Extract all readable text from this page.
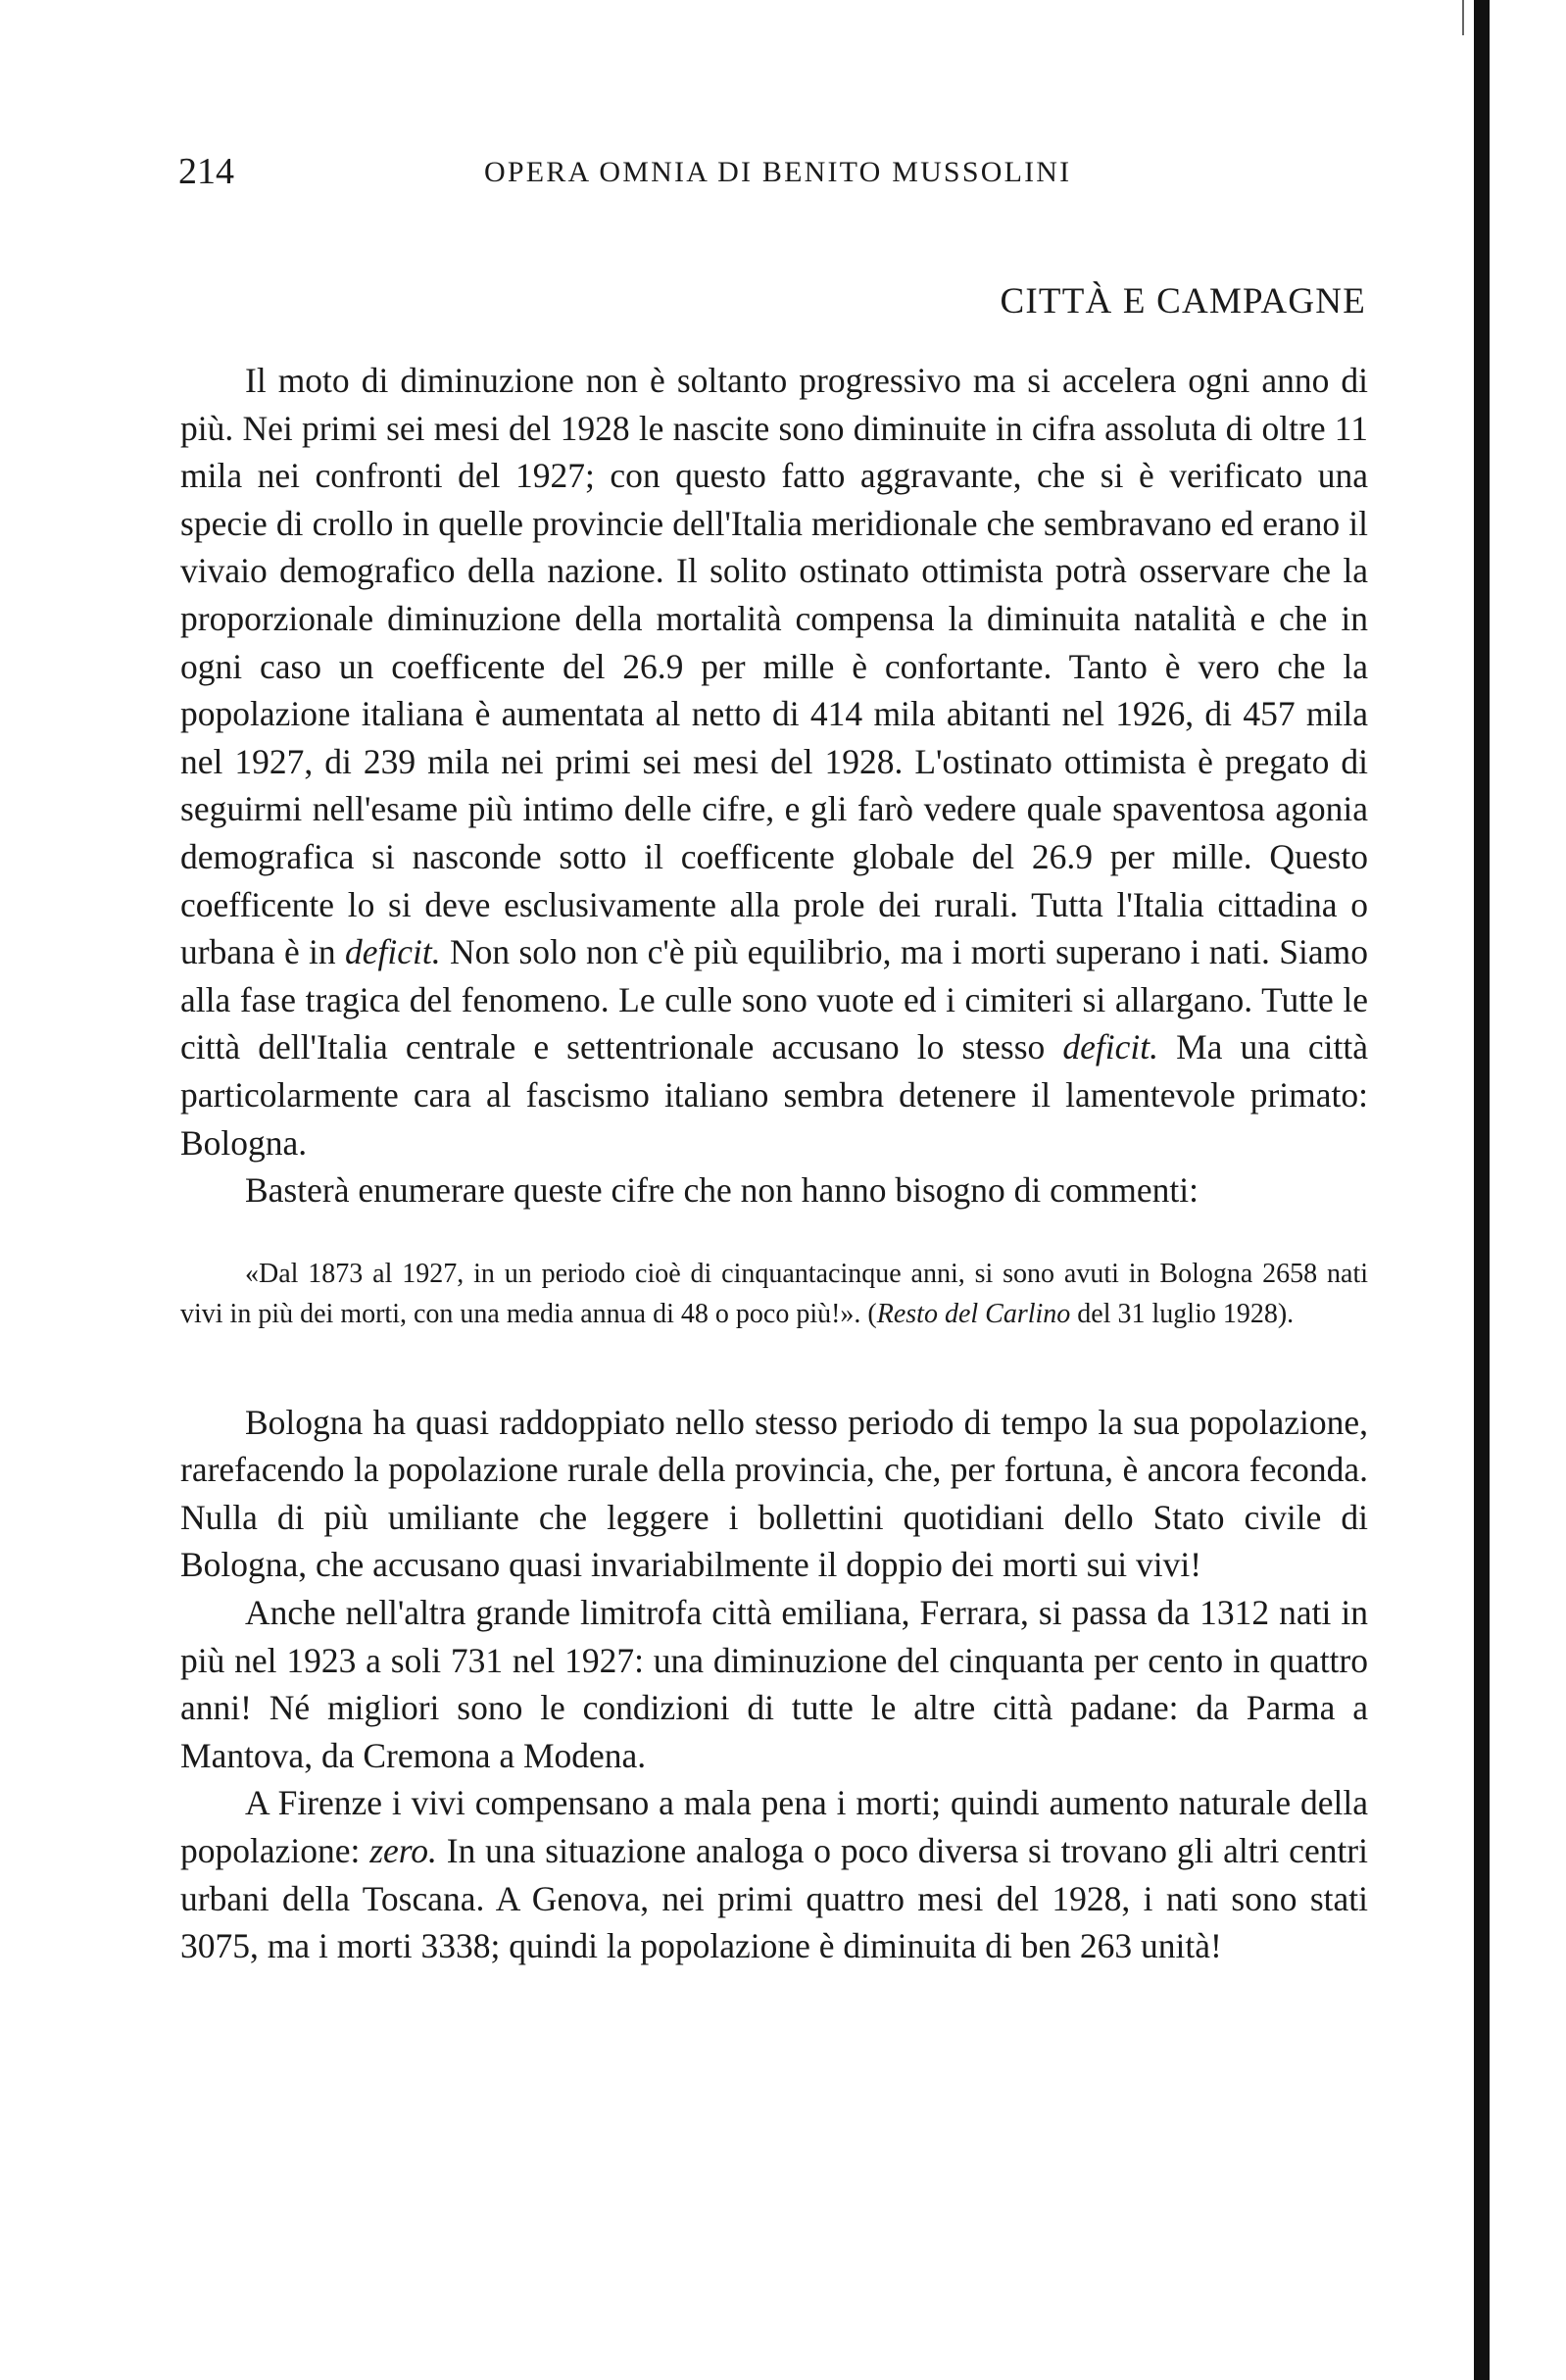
214	OPERA OMNIA DI BENITO MUSSOLINI
CITTÀ E CAMPAGNE

Il moto di diminuzione non è soltanto progressivo ma si accelera ogni anno di più. Nei primi sei mesi del 1928 le nascite sono diminuite in cifra assoluta di oltre 11 mila nei confronti del 1927; con questo fatto aggravante, che si è verificato una specie di crollo in quelle provincie dell'Italia meridionale che sembravano ed erano il vivaio demografico della nazione. Il solito ostinato ottimista potrà osservare che la proporzionale diminuzione della mortalità compensa la diminuita natalità e che in ogni caso un coefficente del 26.9 per mille è confortante. Tanto è vero che la popolazione italiana è aumentata al netto di 414 mila abitanti nel 1926, di 457 mila nel 1927, di 239 mila nei primi sei mesi del 1928. L'ostinato ottimista è pregato di seguirmi nell'esame più intimo delle cifre, e gli farò vedere quale spaventosa agonia demografica si nasconde sotto il coefficente globale del 26.9 per mille. Questo coefficente lo si deve esclusivamente alla prole dei rurali. Tutta l'Italia cittadina o urbana è in deficit. Non solo non c'è più equilibrio, ma i morti superano i nati. Siamo alla fase tragica del fenomeno. Le culle sono vuote ed i cimiteri si allargano. Tutte le città dell'Italia centrale e settentrionale accusano lo stesso deficit. Ma una città particolarmente cara al fascismo italiano sembra detenere il lamentevole primato: Bologna.

Basterà enumerare queste cifre che non hanno bisogno di commenti:

«Dal 1873 al 1927, in un periodo cioè di cinquantacinque anni, si sono avuti in Bologna 2658 nati vivi in più dei morti, con una media annua di 48 o poco più!». (Resto del Carlino del 31 luglio 1928).

Bologna ha quasi raddoppiato nello stesso periodo di tempo la sua popolazione, rarefacendo la popolazione rurale della provincia, che, per fortuna, è ancora feconda. Nulla di più umiliante che leggere i bollettini quotidiani dello Stato civile di Bologna, che accusano quasi invariabilmente il doppio dei morti sui vivi!

Anche nell'altra grande limitrofa città emiliana, Ferrara, si passa da 1312 nati in più nel 1923 a soli 731 nel 1927: una diminuzione del cinquanta per cento in quattro anni! Né migliori sono le condizioni di tutte le altre città padane: da Parma a Mantova, da Cremona a Modena.

A Firenze i vivi compensano a mala pena i morti; quindi aumento naturale della popolazione: zero. In una situazione analoga o poco diversa si trovano gli altri centri urbani della Toscana. A Genova, nei primi quattro mesi del 1928, i nati sono stati 3075, ma i morti 3338; quindi la popolazione è diminuita di ben 263 unità!
